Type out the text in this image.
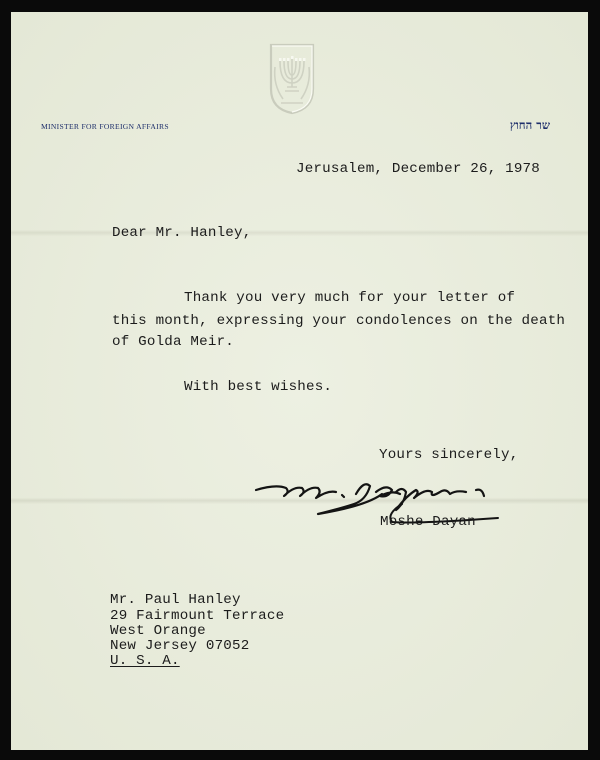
MINISTER FOR FOREIGN AFFAIRS	שר החוץ
Jerusalem, December 26, 1978
Dear Mr. Hanley,
Thank you very much for your letter of
this month, expressing your condolences on the death
of Golda Meir.
With best wishes.
Yours sincerely,
Moshe Dayan
Mr. Paul Hanley
29 Fairmount Terrace
West Orange
New Jersey 07052
U. S. A.
